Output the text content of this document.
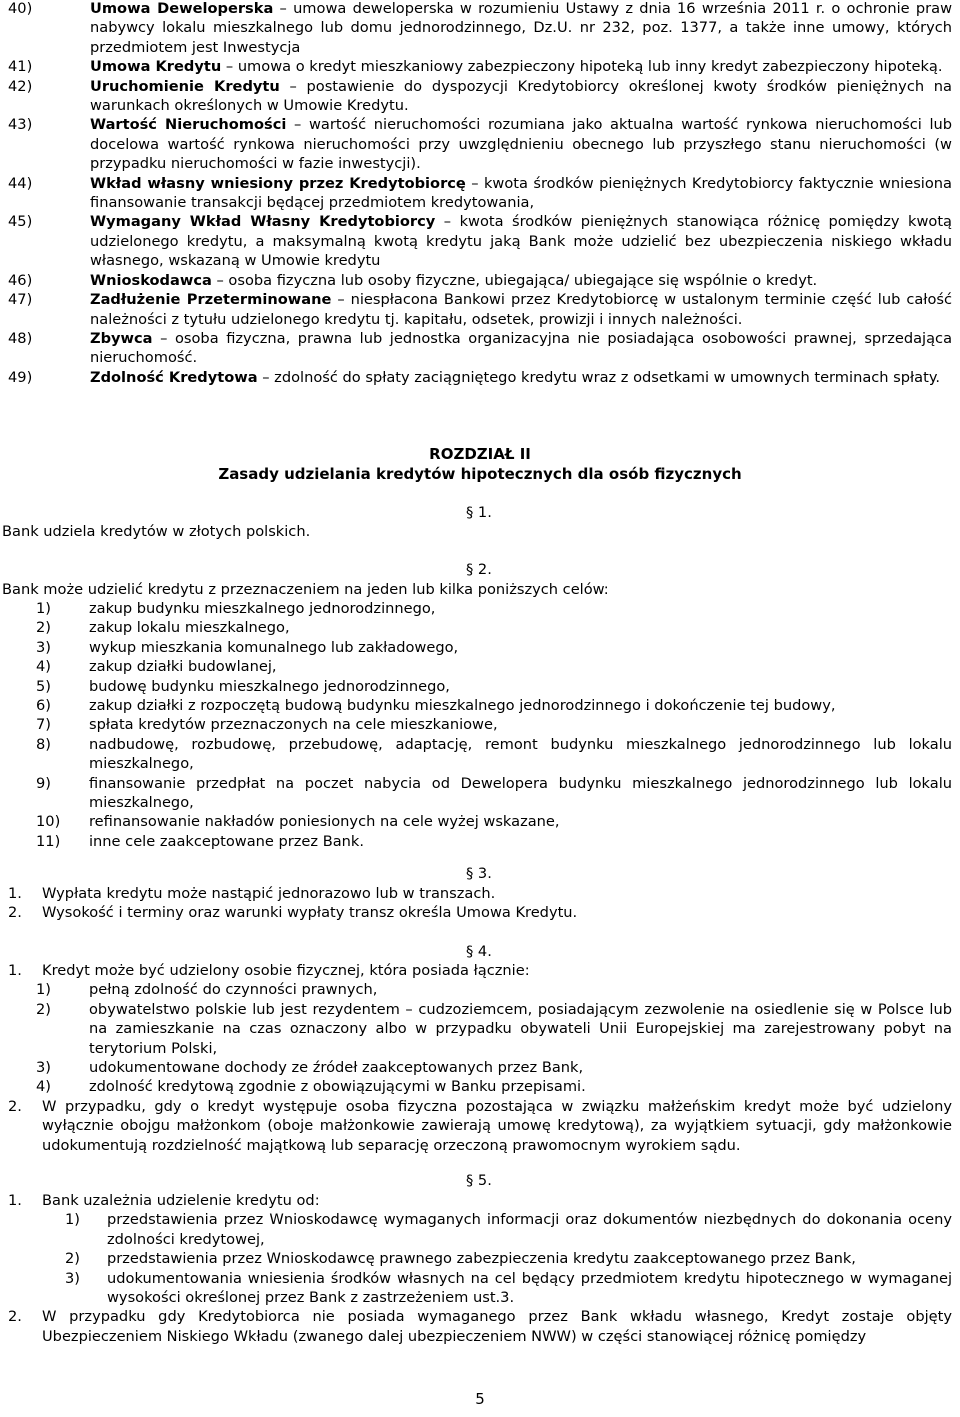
40)	Umowa Deweloperska – umowa deweloperska w rozumieniu Ustawy z dnia 16 września 2011 r. o ochronie praw nabywcy lokalu mieszkalnego lub domu jednorodzinnego, Dz.U. nr 232, poz. 1377, a także inne umowy, których przedmiotem jest Inwestycja
41)	Umowa Kredytu – umowa o kredyt mieszkaniowy zabezpieczony hipoteką lub inny kredyt zabezpieczony hipoteką.
42)	Uruchomienie Kredytu – postawienie do dyspozycji Kredytobiorcy określonej kwoty środków pieniężnych na warunkach określonych w Umowie Kredytu.
43)	Wartość Nieruchomości – wartość nieruchomości rozumiana jako aktualna wartość rynkowa nieruchomości lub docelowa wartość rynkowa nieruchomości przy uwzględnieniu obecnego lub przyszłego stanu nieruchomości (w przypadku nieruchomości w fazie inwestycji).
44)	Wkład własny wniesiony przez Kredytobiorcę – kwota środków pieniężnych Kredytobiorcy faktycznie wniesiona finansowanie transakcji będącej przedmiotem kredytowania,
45)	Wymagany Wkład Własny Kredytobiorcy – kwota środków pieniężnych stanowiąca różnicę pomiędzy kwotą udzielonego kredytu, a maksymalną kwotą kredytu jaką Bank może udzielić bez ubezpieczenia niskiego wkładu własnego, wskazaną w Umowie kredytu
46)	Wnioskodawca – osoba fizyczna lub osoby fizyczne, ubiegająca/ ubiegające się wspólnie o kredyt.
47)	Zadłużenie Przeterminowane – niespłacona Bankowi przez Kredytobiorcę w ustalonym terminie część lub całość należności z tytułu udzielonego kredytu tj. kapitału, odsetek, prowizji i innych należności.
48)	Zbywca – osoba fizyczna, prawna lub jednostka organizacyjna nie posiadająca osobowości prawnej, sprzedająca nieruchomość.
49)	Zdolność Kredytowa – zdolność do spłaty zaciągniętego kredytu wraz z odsetkami w umownych terminach spłaty.
ROZDZIAŁ II
Zasady udzielania kredytów hipotecznych dla osób fizycznych
§ 1.
Bank udziela kredytów w złotych polskich.
§ 2.
Bank może udzielić kredytu z przeznaczeniem na jeden lub kilka poniższych celów:
1)	zakup budynku mieszkalnego jednorodzinnego,
2)	zakup lokalu mieszkalnego,
3)	wykup mieszkania komunalnego lub zakładowego,
4)	zakup działki budowlanej,
5)	budowę budynku mieszkalnego jednorodzinnego,
6)	zakup działki z rozpoczętą budową budynku mieszkalnego jednorodzinnego i dokończenie tej budowy,
7)	spłata kredytów przeznaczonych na cele mieszkaniowe,
8)	nadbudowę, rozbudowę, przebudowę, adaptację, remont budynku mieszkalnego jednorodzinnego lub lokalu mieszkalnego,
9)	finansowanie przedpłat na poczet nabycia od Dewelopera budynku mieszkalnego jednorodzinnego lub lokalu mieszkalnego,
10)	refinansowanie nakładów poniesionych na cele wyżej wskazane,
11)	inne cele zaakceptowane przez Bank.
§ 3.
1.	Wypłata kredytu może nastąpić jednorazowo lub w transzach.
2.	Wysokość i terminy oraz warunki wypłaty transz określa Umowa Kredytu.
§ 4.
1.	Kredyt może być udzielony osobie fizycznej, która posiada łącznie:
1)	pełną zdolność do czynności prawnych,
2)	obywatelstwo polskie lub jest rezydentem – cudzoziemcem, posiadającym zezwolenie na osiedlenie się w Polsce lub na zamieszkanie na czas oznaczony albo w przypadku obywateli Unii Europejskiej ma zarejestrowany pobyt na terytorium Polski,
3)	udokumentowane dochody ze źródeł zaakceptowanych przez Bank,
4)	zdolność kredytową zgodnie z obowiązującymi w Banku przepisami.
2.	W przypadku, gdy o kredyt występuje osoba fizyczna pozostająca w związku małżeńskim kredyt może być udzielony wyłącznie obojgu małżonkom (oboje małżonkowie zawierają umowę kredytową), za wyjątkiem sytuacji, gdy małżonkowie udokumentują rozdzielność majątkową lub separację orzeczoną prawomocnym wyrokiem sądu.
§ 5.
1.	Bank uzależnia udzielenie kredytu od:
1)	przedstawienia przez Wnioskodawcę wymaganych informacji oraz dokumentów niezbędnych do dokonania oceny zdolności kredytowej,
2)	przedstawienia przez Wnioskodawcę prawnego zabezpieczenia kredytu zaakceptowanego przez Bank,
3)	udokumentowania wniesienia środków własnych na cel będący przedmiotem kredytu hipotecznego w wymaganej wysokości określonej przez Bank z zastrzeżeniem ust.3.
2.	W przypadku gdy Kredytobiorca nie posiada wymaganego przez Bank wkładu własnego, Kredyt zostaje objęty Ubezpieczeniem Niskiego Wkładu (zwanego dalej ubezpieczeniem NWW) w części stanowiącej różnicę pomiędzy
5
